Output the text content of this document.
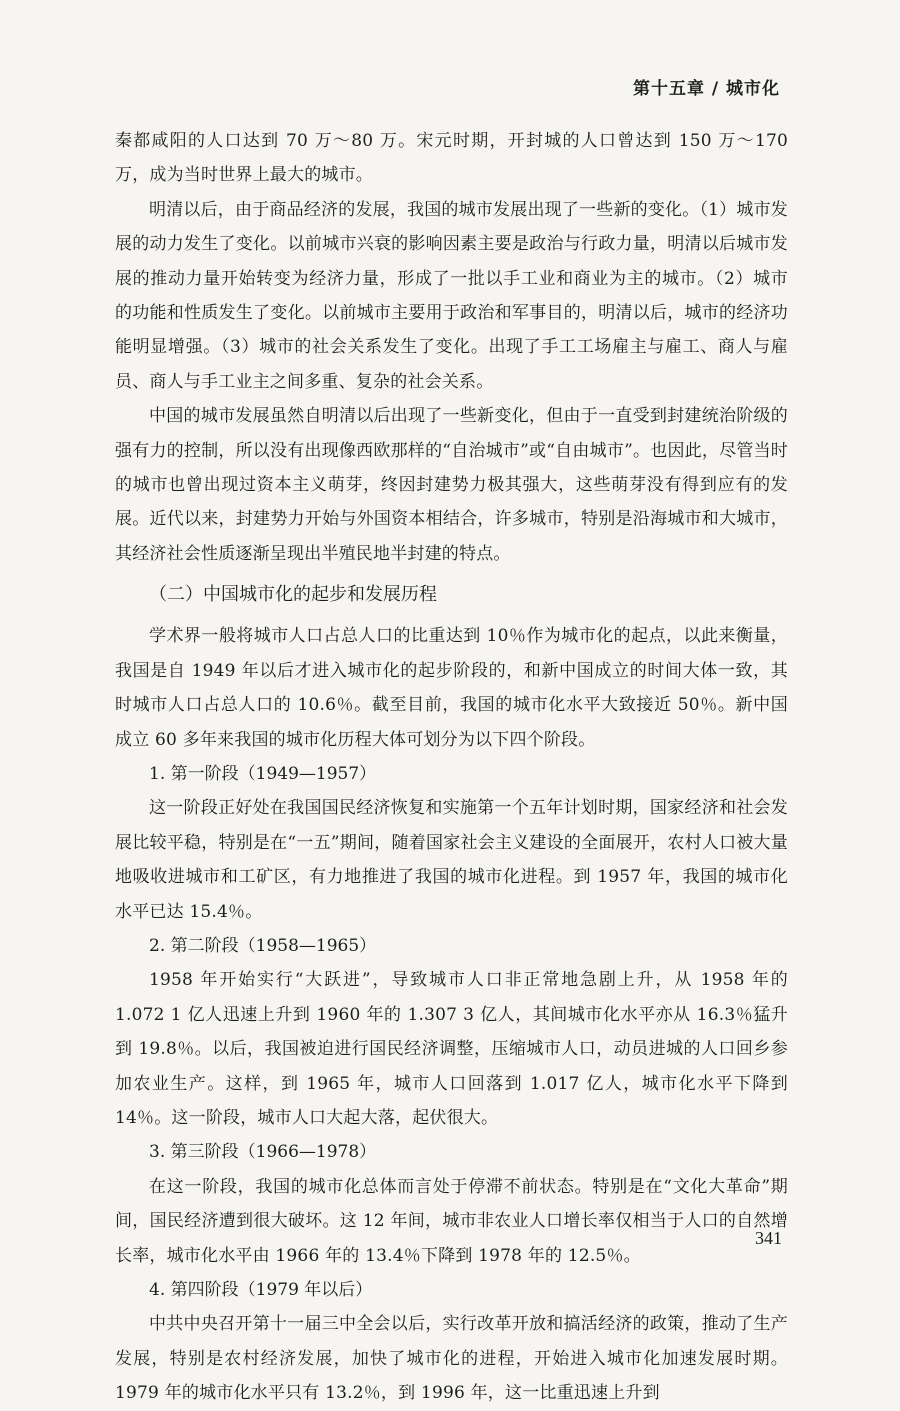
第十五章 / 城市化

秦都咸阳的人口达到 70 万～80 万。宋元时期，开封城的人口曾达到 150 万～170 万，成为当时世界上最大的城市。

明清以后，由于商品经济的发展，我国的城市发展出现了一些新的变化。（1）城市发展的动力发生了变化。以前城市兴衰的影响因素主要是政治与行政力量，明清以后城市发展的推动力量开始转变为经济力量，形成了一批以手工业和商业为主的城市。（2）城市的功能和性质发生了变化。以前城市主要用于政治和军事目的，明清以后，城市的经济功能明显增强。（3）城市的社会关系发生了变化。出现了手工工场雇主与雇工、商人与雇员、商人与手工业主之间多重、复杂的社会关系。

中国的城市发展虽然自明清以后出现了一些新变化，但由于一直受到封建统治阶级的强有力的控制，所以没有出现像西欧那样的“自治城市”或“自由城市”。也因此，尽管当时的城市也曾出现过资本主义萌芽，终因封建势力极其强大，这些萌芽没有得到应有的发展。近代以来，封建势力开始与外国资本相结合，许多城市，特别是沿海城市和大城市，其经济社会性质逐渐呈现出半殖民地半封建的特点。

（二）中国城市化的起步和发展历程

学术界一般将城市人口占总人口的比重达到 10％作为城市化的起点，以此来衡量，我国是自 1949 年以后才进入城市化的起步阶段的，和新中国成立的时间大体一致，其时城市人口占总人口的 10.6％。截至目前，我国的城市化水平大致接近 50％。新中国成立 60 多年来我国的城市化历程大体可划分为以下四个阶段。

1. 第一阶段（1949—1957）

这一阶段正好处在我国国民经济恢复和实施第一个五年计划时期，国家经济和社会发展比较平稳，特别是在“一五”期间，随着国家社会主义建设的全面展开，农村人口被大量地吸收进城市和工矿区，有力地推进了我国的城市化进程。到 1957 年，我国的城市化水平已达 15.4％。

2. 第二阶段（1958—1965）

1958 年开始实行“大跃进”，导致城市人口非正常地急剧上升，从 1958 年的 1.072 1 亿人迅速上升到 1960 年的 1.307 3 亿人，其间城市化水平亦从 16.3％猛升到 19.8％。以后，我国被迫进行国民经济调整，压缩城市人口，动员进城的人口回乡参加农业生产。这样，到 1965 年，城市人口回落到 1.017 亿人，城市化水平下降到 14％。这一阶段，城市人口大起大落，起伏很大。

3. 第三阶段（1966—1978）

在这一阶段，我国的城市化总体而言处于停滞不前状态。特别是在“文化大革命”期间，国民经济遭到很大破坏。这 12 年间，城市非农业人口增长率仅相当于人口的自然增长率，城市化水平由 1966 年的 13.4％下降到 1978 年的 12.5％。

4. 第四阶段（1979 年以后）

中共中央召开第十一届三中全会以后，实行改革开放和搞活经济的政策，推动了生产发展，特别是农村经济发展，加快了城市化的进程，开始进入城市化加速发展时期。1979 年的城市化水平只有 13.2％，到 1996 年，这一比重迅速上升到

341
